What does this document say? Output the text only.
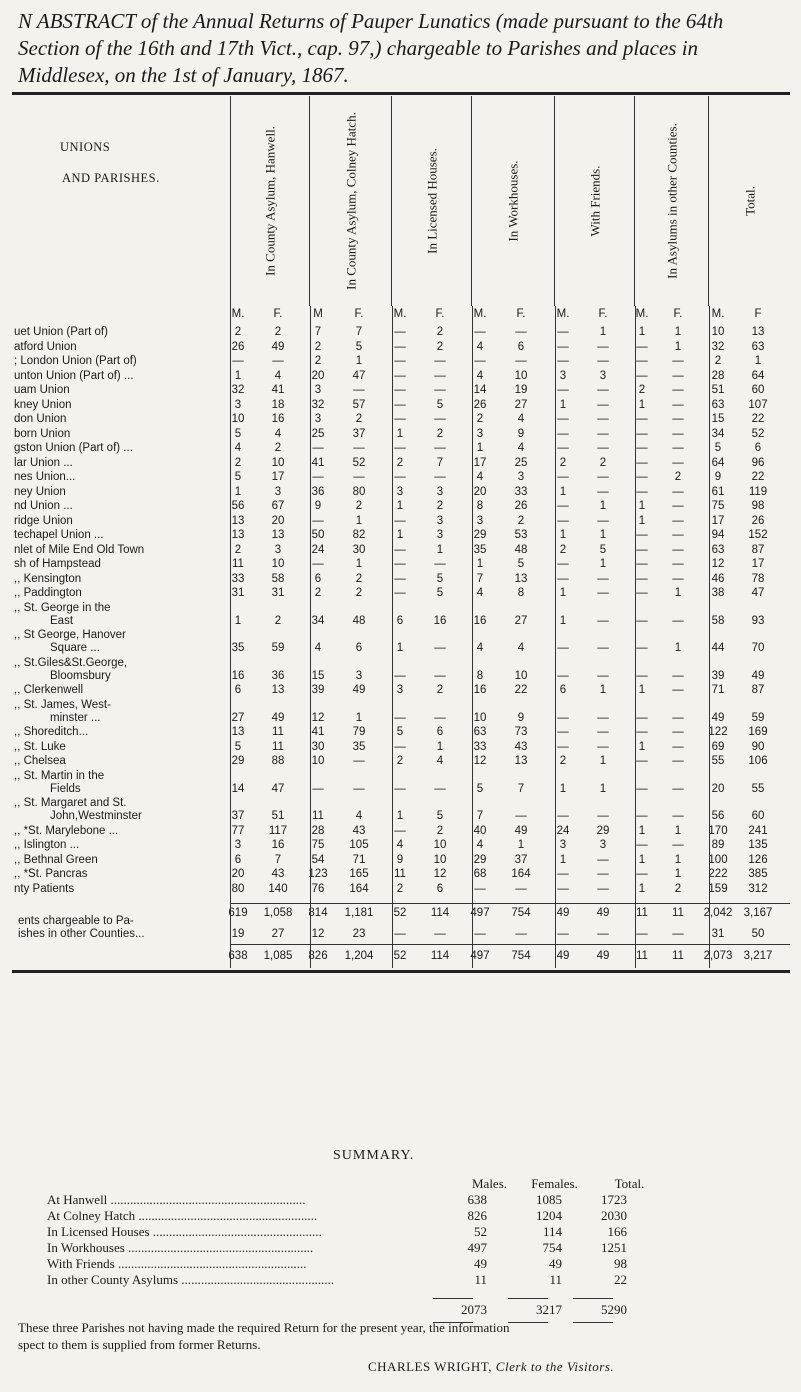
N ABSTRACT of the Annual Returns of Pauper Lunatics (made pursuant to the 64th Section of the 16th and 17th Vict., cap. 97,) chargeable to Parishes and places in Middlesex, on the 1st of January, 1867.
UNIONS
AND PARISHES.	In County Asylum, Hanwell.	In County Asylum, Colney Hatch.	In Licensed Houses.	In Workhouses.	With Friends.	In Asylums in other Counties.	Total.
M.	F.	M	F.	M.	F.	M.	F.	M.	F.	M.	F.	M.	F
uet Union (Part of)	2	2	7	7	—	2	—	—	—	1	1	1	10	13
atford Union	26	49	2	5	—	2	4	6	—	—	—	1	32	63
; London Union (Part of)	—	—	2	1	—	—	—	—	—	—	—	—	2	1
unton Union (Part of) ...	1	4	20	47	—	—	4	10	3	3	—	—	28	64
uam Union	32	41	3	—	—	—	14	19	—	—	2	—	51	60
kney Union	3	18	32	57	—	5	26	27	1	—	1	—	63	107
don Union	10	16	3	2	—	—	2	4	—	—	—	—	15	22
born Union	5	4	25	37	1	2	3	9	—	—	—	—	34	52
gston Union (Part of) ...	4	2	—	—	—	—	1	4	—	—	—	—	5	6
lar Union ...	2	10	41	52	2	7	17	25	2	2	—	—	64	96
nes Union...	5	17	—	—	—	—	4	3	—	—	—	2	9	22
ney Union	1	3	36	80	3	3	20	33	1	—	—	—	61	119
nd Union ...	56	67	9	2	1	2	8	26	—	1	1	—	75	98
ridge Union	13	20	—	1	—	3	3	2	—	—	1	—	17	26
techapel Union ...	13	13	50	82	1	3	29	53	1	1	—	—	94	152
nlet of Mile End Old Town	2	3	24	30	—	1	35	48	2	5	—	—	63	87
sh of Hampstead	11	10	—	1	—	—	1	5	—	1	—	—	12	17
,, Kensington	33	58	6	2	—	5	7	13	—	—	—	—	46	78
,, Paddington	31	31	2	2	—	5	4	8	1	—	—	1	38	47
,, St. George in the
East	1	2	34	48	6	16	16	27	1	—	—	—	58	93
,, St George, Hanover
Square ...	35	59	4	6	1	—	4	4	—	—	—	1	44	70
,, St.Giles&St.George,
Bloomsbury	16	36	15	3	—	—	8	10	—	—	—	—	39	49
,, Clerkenwell	6	13	39	49	3	2	16	22	6	1	1	—	71	87
,, St. James, West-
minster ...	27	49	12	1	—	—	10	9	—	—	—	—	49	59
,, Shoreditch...	13	11	41	79	5	6	63	73	—	—	—	—	122	169
,, St. Luke	5	11	30	35	—	1	33	43	—	—	1	—	69	90
,, Chelsea	29	88	10	—	2	4	12	13	2	1	—	—	55	106
,, St. Martin in the
Fields	14	47	—	—	—	—	5	7	1	1	—	—	20	55
,, St. Margaret and St.
John,Westminster	37	51	11	4	1	5	7	—	—	—	—	—	56	60
,, *St. Marylebone ...	77	117	28	43	—	2	40	49	24	29	1	1	170	241
,, Islington ...	3	16	75	105	4	10	4	1	3	3	—	—	89	135
,, Bethnal Green	6	7	54	71	9	10	29	37	1	—	1	1	100	126
,, *St. Pancras	20	43	123	165	11	12	68	164	—	—	—	1	222	385
nty Patients	80	140	76	164	2	6	—	—	—	—	1	2	159	312
619	1,058	814	1,181	52	114	497	754	49	49	11	11	2,042 3,167
ents chargeable to Pa-
ishes in other Counties...	19	27	12	23	—	—	—	—	—	—	—	—	31	50
638	1,085	826	1,204	52	114	497	754	49	49	11	11	2,073 3,217
SUMMARY.
Males.	Females.	Total.
At Hanwell ............................................................	638	1085	1723
At Colney Hatch .......................................................	826	1204	2030
In Licensed Houses ....................................................	52	114	166
In Workhouses .........................................................	497	754	1251
With Friends ..........................................................	49	49	98
In other County Asylums ...............................................	11	11	22
2073	3217	5290
These three Parishes not having made the required Return for the present year, the information
spect to them is supplied from former Returns.
CHARLES WRIGHT, Clerk to the Visitors.
